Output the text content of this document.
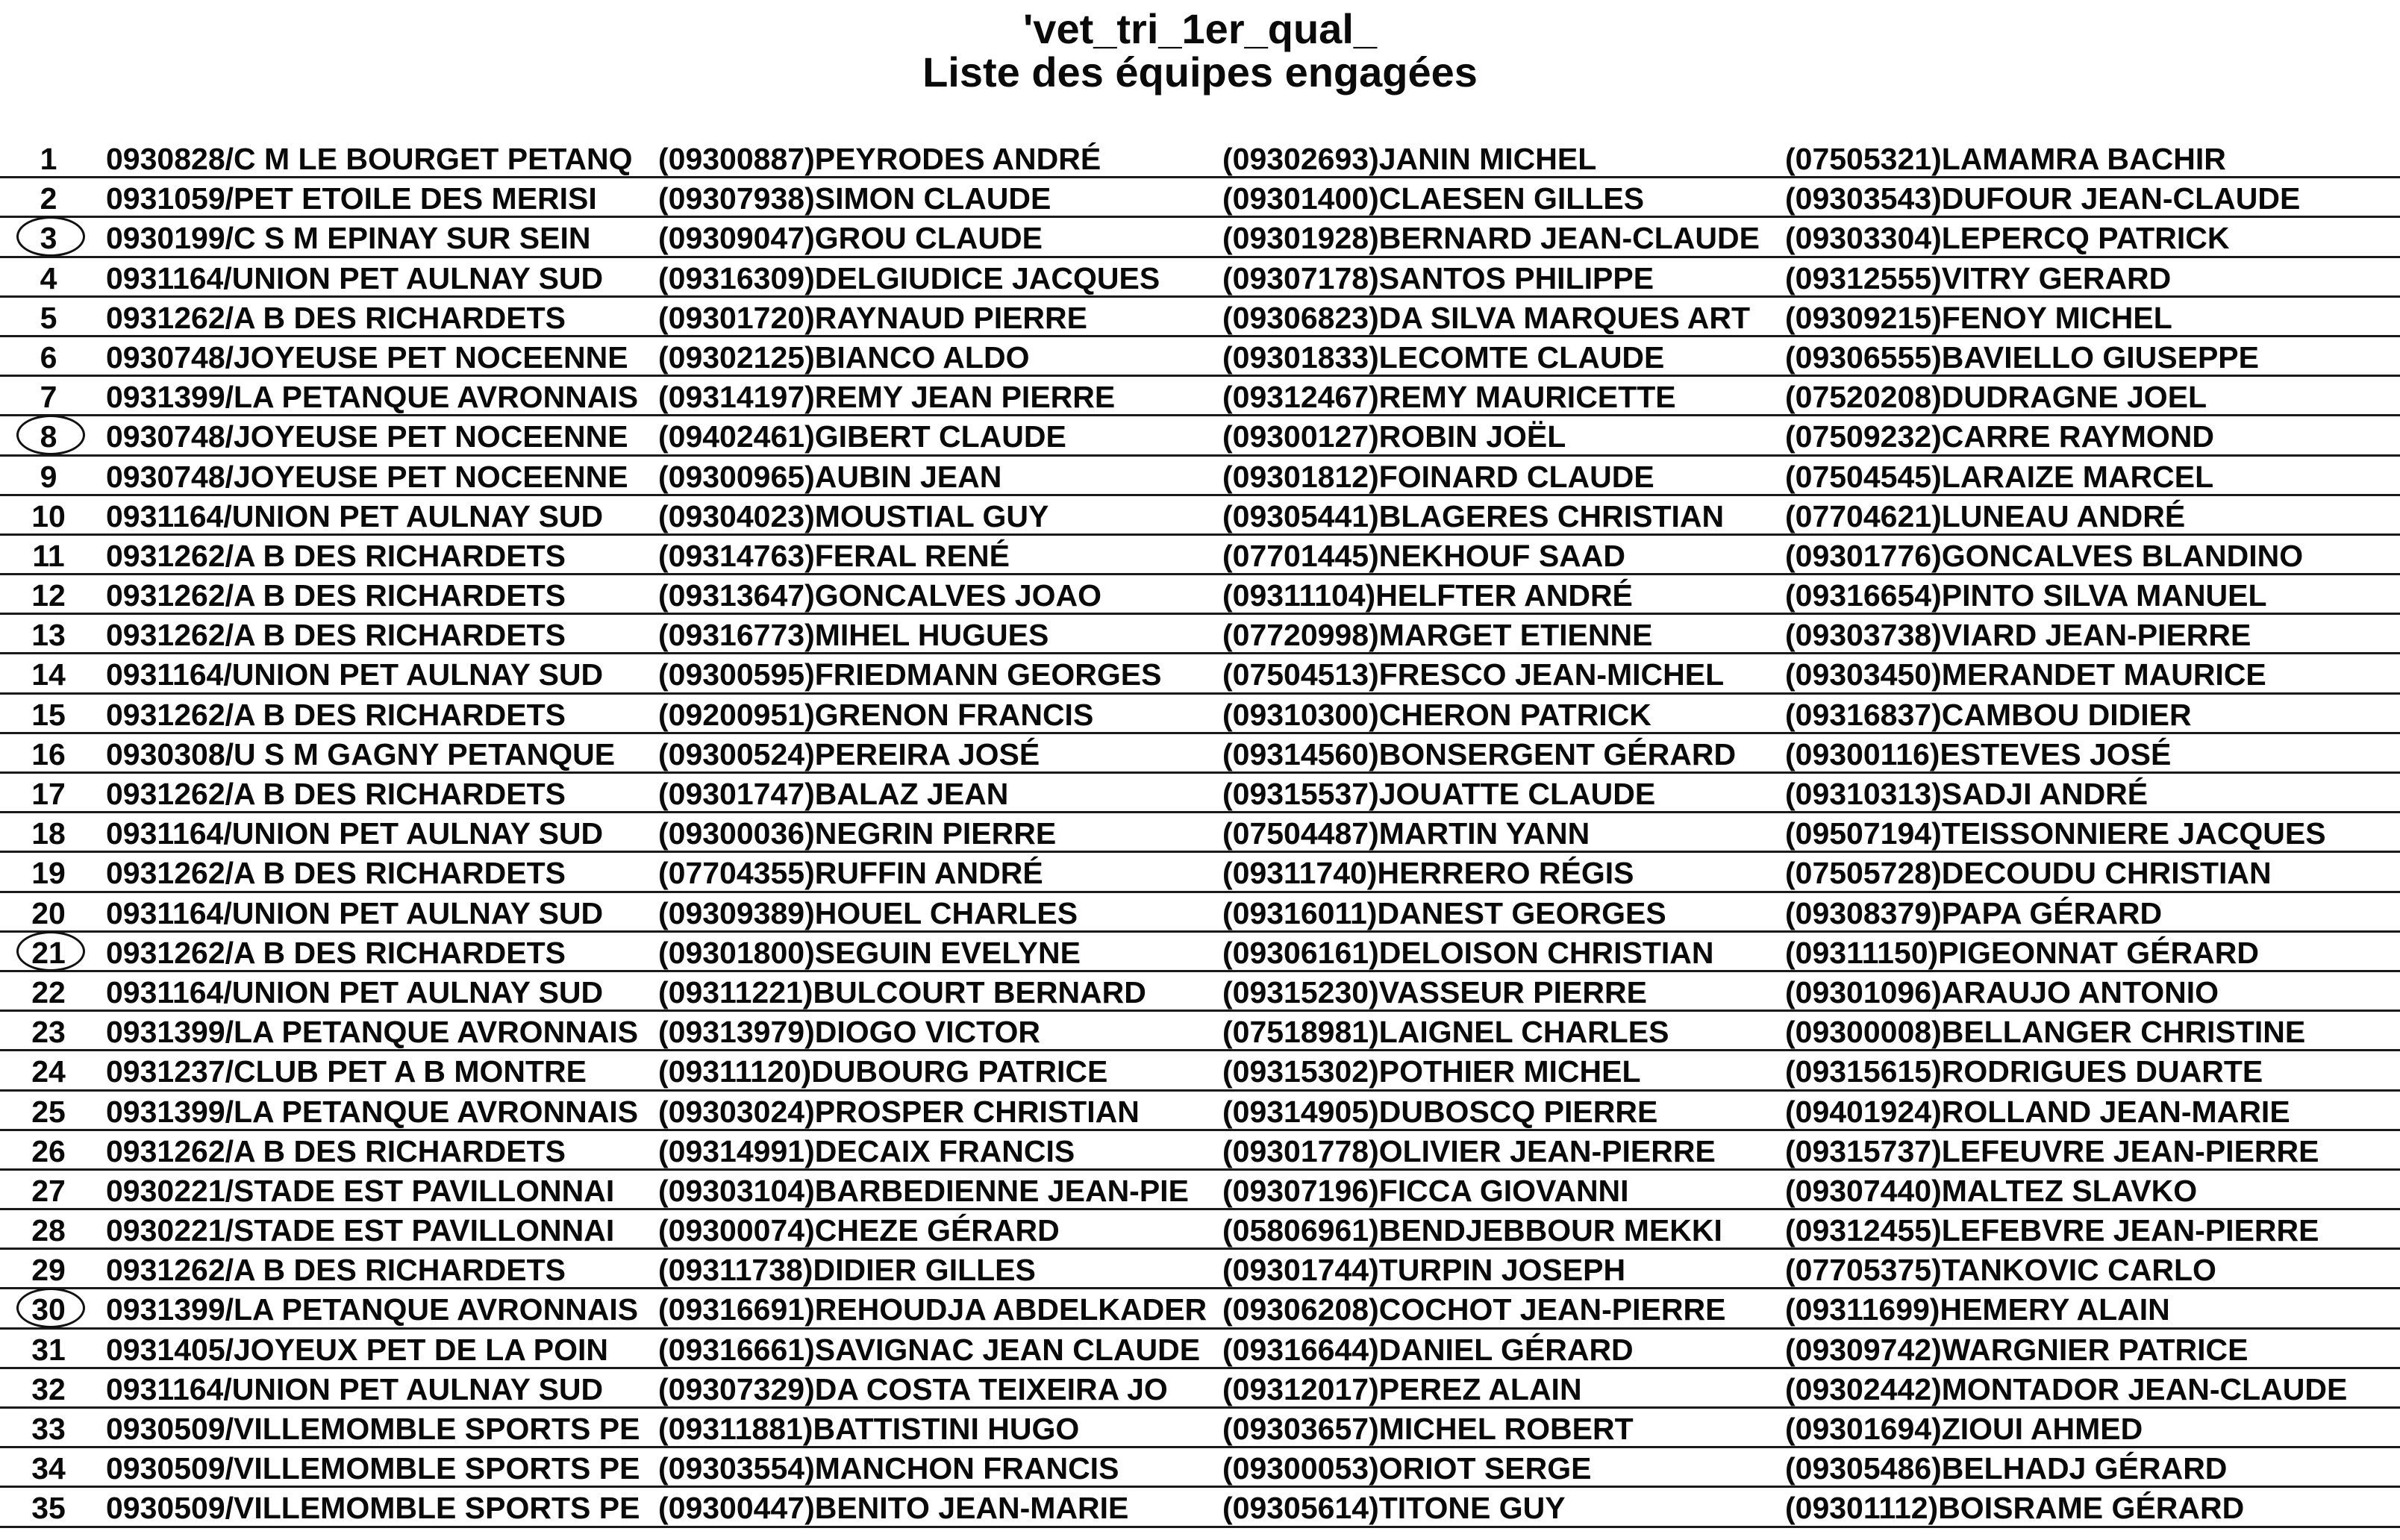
'vet_tri_1er_qual_
Liste des équipes engagées
1	0930828/C M LE BOURGET PETANQ (09300887)PEYRODES ANDRÉ	(09302693)JANIN MICHEL	(07505321)LAMAMRA BACHIR
2	0931059/PET ETOILE DES MERISI (09307938)SIMON CLAUDE	(09301400)CLAESEN GILLES	(09303543)DUFOUR JEAN-CLAUDE
3	0930199/C S M EPINAY SUR SEIN (09309047)GROU CLAUDE	(09301928)BERNARD JEAN-CLAUDE (09303304)LEPERCQ PATRICK
4	0931164/UNION PET AULNAY SUD (09316309)DELGIUDICE JACQUES (09307178)SANTOS PHILIPPE	(09312555)VITRY GERARD
5	0931262/A B DES RICHARDETS	(09301720)RAYNAUD PIERRE	(09306823)DA SILVA MARQUES ART (09309215)FENOY MICHEL
6	0930748/JOYEUSE PET NOCEENNE (09302125)BIANCO ALDO	(09301833)LECOMTE CLAUDE	(09306555)BAVIELLO GIUSEPPE
7	0931399/LA PETANQUE AVRONNAIS (09314197)REMY JEAN PIERRE	(09312467)REMY MAURICETTE	(07520208)DUDRAGNE JOEL
8	0930748/JOYEUSE PET NOCEENNE (09402461)GIBERT CLAUDE	(09300127)ROBIN JOËL	(07509232)CARRE RAYMOND
9	0930748/JOYEUSE PET NOCEENNE (09300965)AUBIN JEAN	(09301812)FOINARD CLAUDE	(07504545)LARAIZE MARCEL
10 0931164/UNION PET AULNAY SUD (09304023)MOUSTIAL GUY	(09305441)BLAGERES CHRISTIAN (07704621)LUNEAU ANDRÉ
11	0931262/A B DES RICHARDETS	(09314763)FERAL RENÉ	(07701445)NEKHOUF SAAD	(09301776)GONCALVES BLANDINO
12 0931262/A B DES RICHARDETS	(09313647)GONCALVES JOAO	(09311104)HELFTER ANDRÉ	(09316654)PINTO SILVA MANUEL
13 0931262/A B DES RICHARDETS	(09316773)MIHEL HUGUES	(07720998)MARGET ETIENNE	(09303738)VIARD JEAN-PIERRE
14 0931164/UNION PET AULNAY SUD (09300595)FRIEDMANN GEORGES (07504513)FRESCO JEAN-MICHEL (09303450)MERANDET MAURICE
15 0931262/A B DES RICHARDETS	(09200951)GRENON FRANCIS	(09310300)CHERON PATRICK	(09316837)CAMBOU DIDIER
16 0930308/U S M GAGNY PETANQUE (09300524)PEREIRA JOSÉ	(09314560)BONSERGENT GÉRARD (09300116)ESTEVES JOSÉ
17 0931262/A B DES RICHARDETS	(09301747)BALAZ JEAN	(09315537)JOUATTE CLAUDE	(09310313)SADJI ANDRÉ
18 0931164/UNION PET AULNAY SUD (09300036)NEGRIN PIERRE	(07504487)MARTIN YANN	(09507194)TEISSONNIERE JACQUES
19 0931262/A B DES RICHARDETS	(07704355)RUFFIN ANDRÉ	(09311740)HERRERO RÉGIS	(07505728)DECOUDU CHRISTIAN
20 0931164/UNION PET AULNAY SUD (09309389)HOUEL CHARLES	(09316011)DANEST GEORGES	(09308379)PAPA GÉRARD
21 0931262/A B DES RICHARDETS	(09301800)SEGUIN EVELYNE	(09306161)DELOISON CHRISTIAN (09311150)PIGEONNAT GÉRARD
22 0931164/UNION PET AULNAY SUD (09311221)BULCOURT BERNARD (09315230)VASSEUR PIERRE	(09301096)ARAUJO ANTONIO
23 0931399/LA PETANQUE AVRONNAIS (09313979)DIOGO VICTOR	(07518981)LAIGNEL CHARLES	(09300008)BELLANGER CHRISTINE
24 0931237/CLUB PET A B MONTRE (09311120)DUBOURG PATRICE	(09315302)POTHIER MICHEL	(09315615)RODRIGUES DUARTE
25 0931399/LA PETANQUE AVRONNAIS (09303024)PROSPER CHRISTIAN	(09314905)DUBOSCQ PIERRE	(09401924)ROLLAND JEAN-MARIE
26 0931262/A B DES RICHARDETS	(09314991)DECAIX FRANCIS	(09301778)OLIVIER JEAN-PIERRE (09315737)LEFEUVRE JEAN-PIERRE
27 0930221/STADE EST PAVILLONNAI (09303104)BARBEDIENNE JEAN-PIE (09307196)FICCA GIOVANNI	(09307440)MALTEZ SLAVKO
28 0930221/STADE EST PAVILLONNAI (09300074)CHEZE GÉRARD	(05806961)BENDJEBBOUR MEKKI (09312455)LEFEBVRE JEAN-PIERRE
29 0931262/A B DES RICHARDETS	(09311738)DIDIER GILLES	(09301744)TURPIN JOSEPH	(07705375)TANKOVIC CARLO
30 0931399/LA PETANQUE AVRONNAIS (09316691)REHOUDJA ABDELKADER (09306208)COCHOT JEAN-PIERRE (09311699)HEMERY ALAIN
31 0931405/JOYEUX PET DE LA POIN (09316661)SAVIGNAC JEAN CLAUDE (09316644)DANIEL GÉRARD	(09309742)WARGNIER PATRICE
32 0931164/UNION PET AULNAY SUD (09307329)DA COSTA TEIXEIRA JO (09312017)PEREZ ALAIN	(09302442)MONTADOR JEAN-CLAUDE
33 0930509/VILLEMOMBLE SPORTS PE (09311881)BATTISTINI HUGO	(09303657)MICHEL ROBERT	(09301694)ZIOUI AHMED
34 0930509/VILLEMOMBLE SPORTS PE (09303554)MANCHON FRANCIS	(09300053)ORIOT SERGE	(09305486)BELHADJ GÉRARD
35 0930509/VILLEMOMBLE SPORTS PE (09300447)BENITO JEAN-MARIE	(09305614)TITONE GUY	(09301112)BOISRAME GÉRARD
